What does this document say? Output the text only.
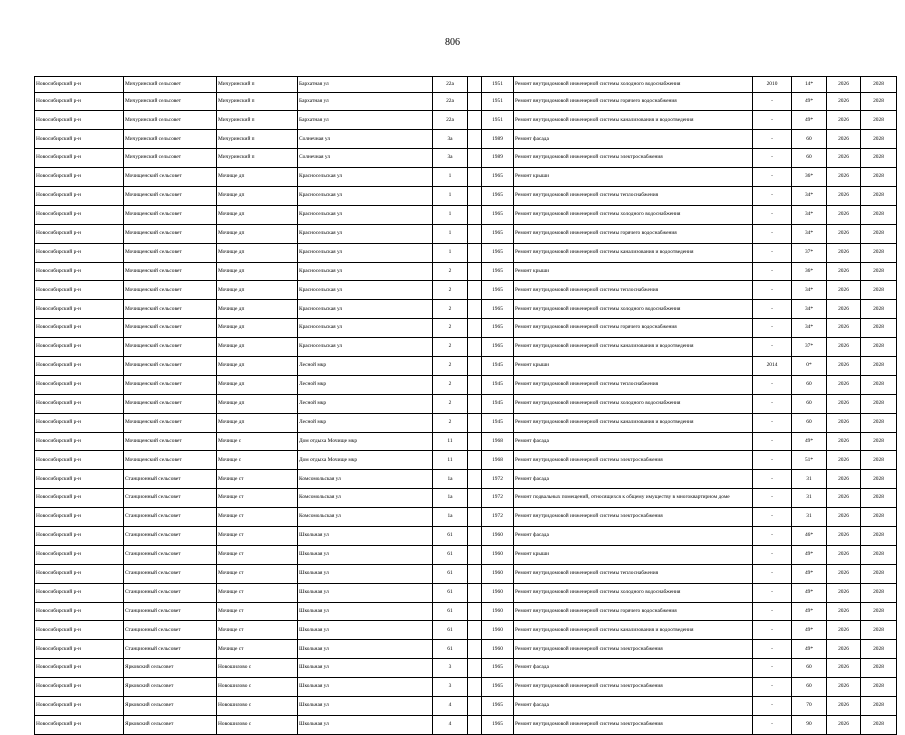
806
Новосибирский р-н	Мичуринский сельсовет	Мичуринский п	Бархатная ул	22а		1951	Ремонт внутридомовой инженерной системы холодного водоснабжения	2010	14*	2026	2028
Новосибирский р-н	Мичуринский сельсовет	Мичуринский п	Бархатная ул	22а		1951	Ремонт внутридомовой инженерной системы горячего водоснабжения	-	49*	2026	2028
Новосибирский р-н	Мичуринский сельсовет	Мичуринский п	Бархатная ул	22а		1951	Ремонт внутридомовой инженерной системы канализования и водоотведения	-	49*	2026	2028
Новосибирский р-н	Мичуринский сельсовет	Мичуринский п	Солнечная ул	3а		1989	Ремонт фасада	-	60	2026	2028
Новосибирский р-н	Мичуринский сельсовет	Мичуринский п	Солнечная ул	3а		1989	Ремонт внутридомовой инженерной системы электроснабжения	-	60	2026	2028
Новосибирский р-н	Мочищенский сельсовет	Мочище дп	Красносельская ул	1		1965	Ремонт крыши	-	36*	2026	2028
Новосибирский р-н	Мочищенский сельсовет	Мочище дп	Красносельская ул	1		1965	Ремонт внутридомовой инженерной системы теплоснабжения	-	34*	2026	2028
Новосибирский р-н	Мочищенский сельсовет	Мочище дп	Красносельская ул	1		1965	Ремонт внутридомовой инженерной системы холодного водоснабжения	-	34*	2026	2028
Новосибирский р-н	Мочищенский сельсовет	Мочище дп	Красносельская ул	1		1965	Ремонт внутридомовой инженерной системы горячего водоснабжения	-	34*	2026	2028
Новосибирский р-н	Мочищенский сельсовет	Мочище дп	Красносельская ул	1		1965	Ремонт внутридомовой инженерной системы канализования и водоотведения	-	37*	2026	2028
Новосибирский р-н	Мочищенский сельсовет	Мочище дп	Красносельская ул	2		1965	Ремонт крыши	-	36*	2026	2028
Новосибирский р-н	Мочищенский сельсовет	Мочище дп	Красносельская ул	2		1965	Ремонт внутридомовой инженерной системы теплоснабжения	-	34*	2026	2028
Новосибирский р-н	Мочищенский сельсовет	Мочище дп	Красносельская ул	2		1965	Ремонт внутридомовой инженерной системы холодного водоснабжения	-	34*	2026	2028
Новосибирский р-н	Мочищенский сельсовет	Мочище дп	Красносельская ул	2		1965	Ремонт внутридомовой инженерной системы горячего водоснабжения	-	34*	2026	2028
Новосибирский р-н	Мочищенский сельсовет	Мочище дп	Красносельская ул	2		1965	Ремонт внутридомовой инженерной системы канализования и водоотведения	-	37*	2026	2028
Новосибирский р-н	Мочищенский сельсовет	Мочище дп	Лесной мкр	2		1945	Ремонт крыши	2014	0*	2026	2028
Новосибирский р-н	Мочищенский сельсовет	Мочище дп	Лесной мкр	2		1945	Ремонт внутридомовой инженерной системы теплоснабжения	-	60	2026	2028
Новосибирский р-н	Мочищенский сельсовет	Мочище дп	Лесной мкр	2		1945	Ремонт внутридомовой инженерной системы холодного водоснабжения	-	60	2026	2028
Новосибирский р-н	Мочищенский сельсовет	Мочище дп	Лесной мкр	2		1945	Ремонт внутридомовой инженерной системы канализования и водоотведения	-	60	2026	2028
Новосибирский р-н	Мочищенский сельсовет	Мочище с	Дом отдыха Мочище мкр	11		1968	Ремонт фасада	-	49*	2026	2028
Новосибирский р-н	Мочищенский сельсовет	Мочище с	Дом отдыха Мочище мкр	11		1968	Ремонт внутридомовой инженерной системы электроснабжения	-	51*	2026	2028
Новосибирский р-н	Станционный сельсовет	Мочище ст	Комсомольская ул	1а		1972	Ремонт фасада	-	31	2026	2028
Новосибирский р-н	Станционный сельсовет	Мочище ст	Комсомольская ул	1а		1972	Ремонт подвальных помещений, относящихся к общему имуществу в многоквартирном доме	-	31	2026	2028
Новосибирский р-н	Станционный сельсовет	Мочище ст	Комсомольская ул	1а		1972	Ремонт внутридомовой инженерной системы электроснабжения	-	31	2026	2028
Новосибирский р-н	Станционный сельсовет	Мочище ст	Школьная ул	61		1960	Ремонт фасада	-	46*	2026	2028
Новосибирский р-н	Станционный сельсовет	Мочище ст	Школьная ул	61		1960	Ремонт крыши	-	49*	2026	2028
Новосибирский р-н	Станционный сельсовет	Мочище ст	Школьная ул	61		1960	Ремонт внутридомовой инженерной системы теплоснабжения	-	49*	2026	2028
Новосибирский р-н	Станционный сельсовет	Мочище ст	Школьная ул	61		1960	Ремонт внутридомовой инженерной системы холодного водоснабжения	-	49*	2026	2028
Новосибирский р-н	Станционный сельсовет	Мочище ст	Школьная ул	61		1960	Ремонт внутридомовой инженерной системы горячего водоснабжения	-	49*	2026	2028
Новосибирский р-н	Станционный сельсовет	Мочище ст	Школьная ул	61		1960	Ремонт внутридомовой инженерной системы канализования и водоотведения	-	49*	2026	2028
Новосибирский р-н	Станционный сельсовет	Мочище ст	Школьная ул	61		1960	Ремонт внутридомовой инженерной системы электроснабжения	-	49*	2026	2028
Новосибирский р-н	Ярковский сельсовет	Новошилово с	Школьная ул	3		1965	Ремонт фасада	-	60	2026	2028
Новосибирский р-н	Ярковский сельсовет	Новошилово с	Школьная ул	3		1965	Ремонт внутридомовой инженерной системы электроснабжения	-	60	2026	2028
Новосибирский р-н	Ярковский сельсовет	Новошилово с	Школьная ул	4		1965	Ремонт фасада	-	70	2026	2028
Новосибирский р-н	Ярковский сельсовет	Новошилово с	Школьная ул	4		1965	Ремонт внутридомовой инженерной системы электроснабжения	-	90	2026	2028
